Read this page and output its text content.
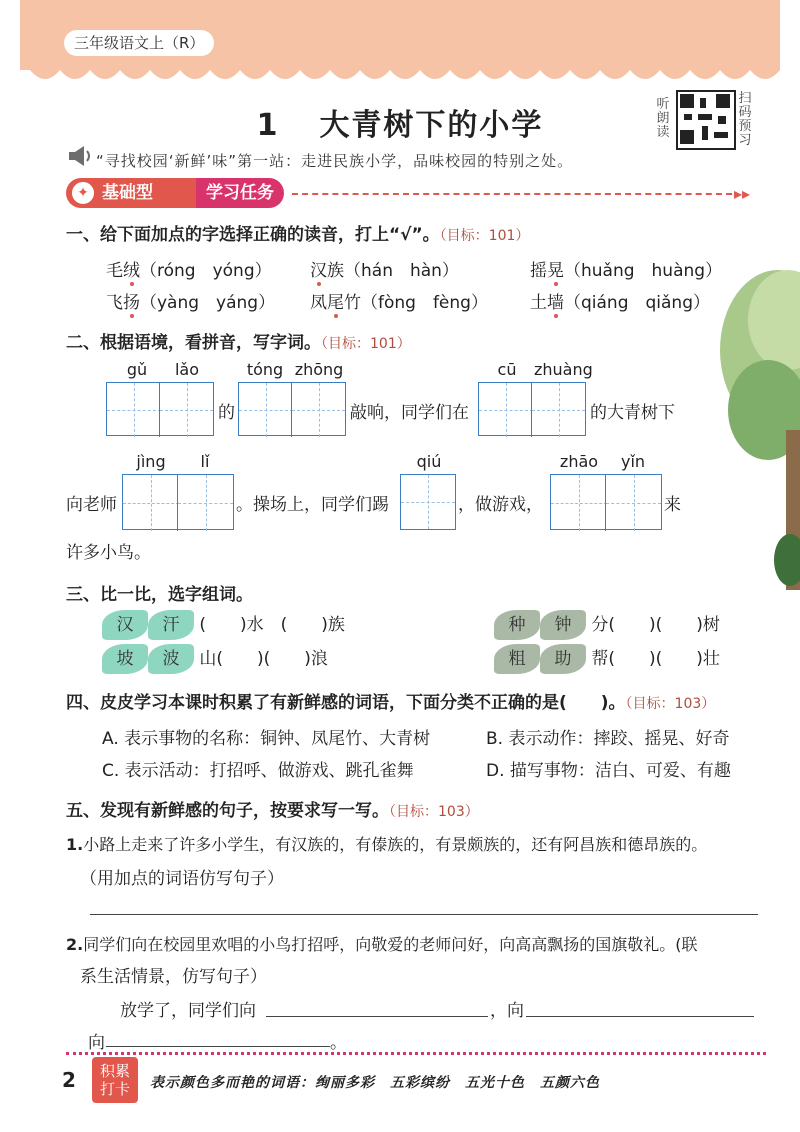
三年级语文上（R）
1 大青树下的小学
听
朗
读
扫
码
预
习
“寻找校园‘新鲜’味”第一站：走进民族小学，品味校园的特别之处。
基础型
✦	学习任务	▸▸
一、给下面加点的字选择正确的读音，打上“√”。（目标：101）
毛绒（róng　yóng） 汉族（hán　hàn）	摇晃（huǎng　huàng）
飞扬（yàng　yáng） 凤尾竹（fòng　fèng） 土墙（qiáng　qiǎng）
二、根据语境，看拼音，写字词。（目标：101）
gǔ	lǎo	tóng zhōng	cū	zhuàng
的	敲响，同学们在	的大青树下
jìng	lǐ	qiú	zhāo	yǐn
向老师	。操场上，同学们踢	，做游戏，	来
许多小鸟。
三、比一比，选字组词。
汉 汗 (　　)水　(　　)族	种 钟 分(　　)(　　)树
坡 波 山(　　)(　　)浪	粗 助 帮(　　)(　　)壮
四、皮皮学习本课时积累了有新鲜感的词语，下面分类不正确的是(　　)。（目标：103）
A. 表示事物的名称：铜钟、凤尾竹、大青树	B. 表示动作：摔跤、摇晃、好奇
C. 表示活动：打招呼、做游戏、跳孔雀舞	D. 描写事物：洁白、可爱、有趣
五、发现有新鲜感的句子，按要求写一写。（目标：103）
1.小路上走来了许多小学生，有汉族的，有傣族的，有景颇族的，还有阿昌族和德昂族的。
（用加点的词语仿写句子）
2.同学们向在校园里欢唱的小鸟打招呼，向敬爱的老师问好，向高高飘扬的国旗敬礼。(联
系生活情景，仿写句子）
放学了，同学们向	，向
向	。
2	积累
打卡	表示颜色多而艳的词语：绚丽多彩　五彩缤纷　五光十色　五颜六色
